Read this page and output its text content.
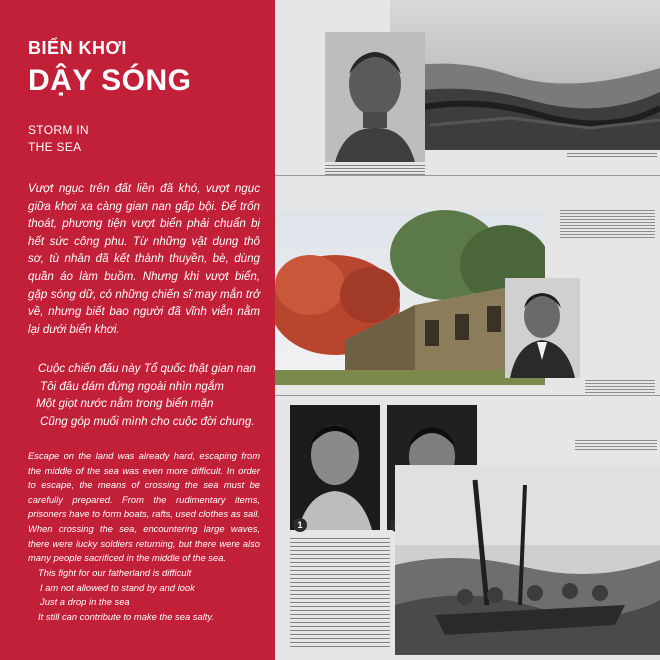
BIỂN KHƠI
DẬY SÓNG
STORM IN
THE SEA

Vượt ngục trên đất liền đã khó, vượt ngục giữa khơi xa càng gian nan gấp bội. Để trốn thoát, phương tiện vượt biển phải chuẩn bị hết sức công phu. Từ những vật dụng thô sơ, tù nhân đã kết thành thuyền, bè, dùng quần áo làm buồm. Nhưng khi vượt biển, gặp sóng dữ, có những chiến sĩ may mắn trở về, nhưng biết bao người đã vĩnh viễn nằm lại dưới biển khơi.

Cuộc chiến đấu này Tổ quốc thật gian nan
Tôi đâu dám đứng ngoài nhìn ngắm
Một giọt nước nằm trong biển mặn
Cũng góp muối mình cho cuộc đời chung.

Escape on the land was already hard, escaping from the middle of the sea was even more difficult. In order to escape, the means of crossing the sea must be carefully prepared. From the rudimentary items, prisoners have to form boats, rafts, used clothes as sail. When crossing the sea, encountering large waves, there were lucky soldiers returning, but there were also many people sacrificed in the middle of the sea.

This fight for our fatherland is difficult
I am not allowed to stand by and look
Just a drop in the sea
It still can contribute to make the sea salty.
1
